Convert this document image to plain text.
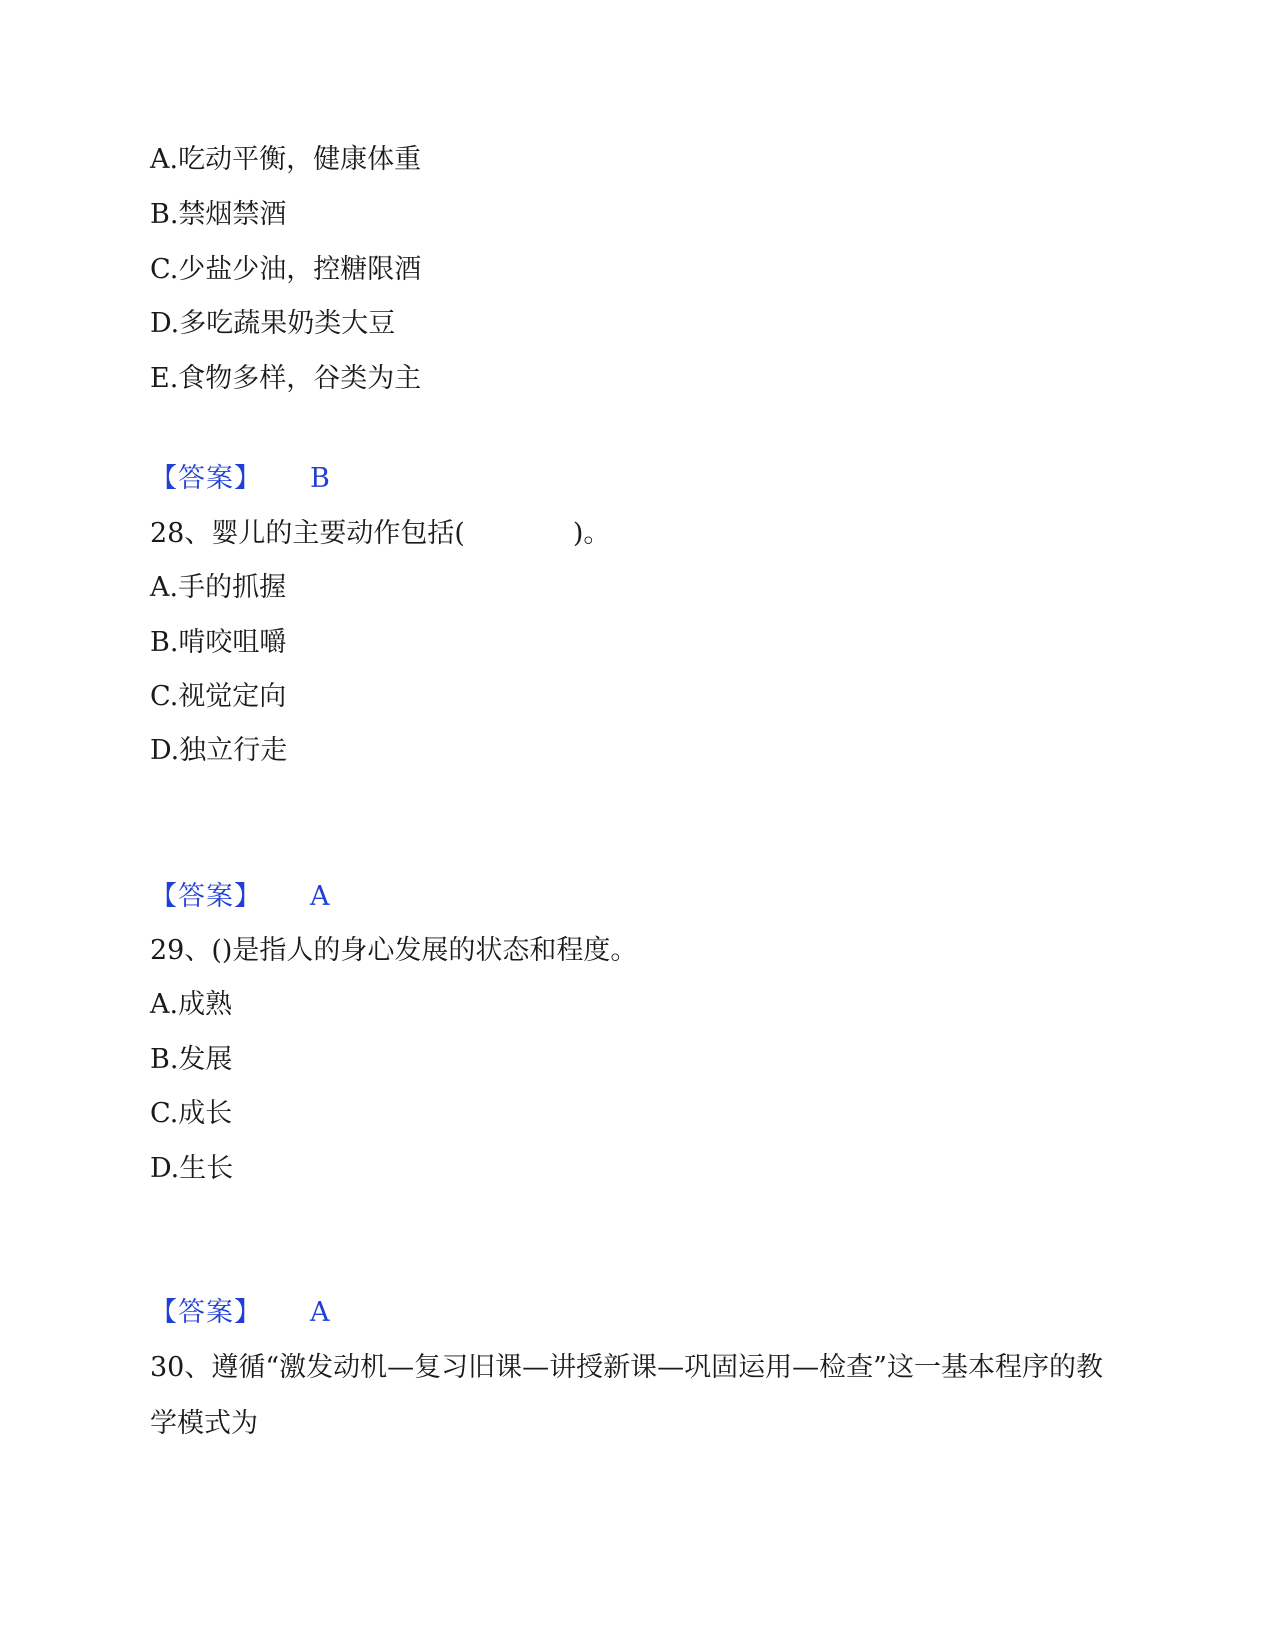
A.吃动平衡，健康体重
B.禁烟禁酒
C.少盐少油，控糖限酒
D.多吃蔬果奶类大豆
E.食物多样，谷类为主
【答案】 B
28、婴儿的主要动作包括(　　　　)。
A.手的抓握
B.啃咬咀嚼
C.视觉定向
D.独立行走
【答案】 A
29、()是指人的身心发展的状态和程度。
A.成熟
B.发展
C.成长
D.生长
【答案】 A
30、遵循“激发动机—复习旧课—讲授新课—巩固运用—检查”这一基本程序的教学模式为
